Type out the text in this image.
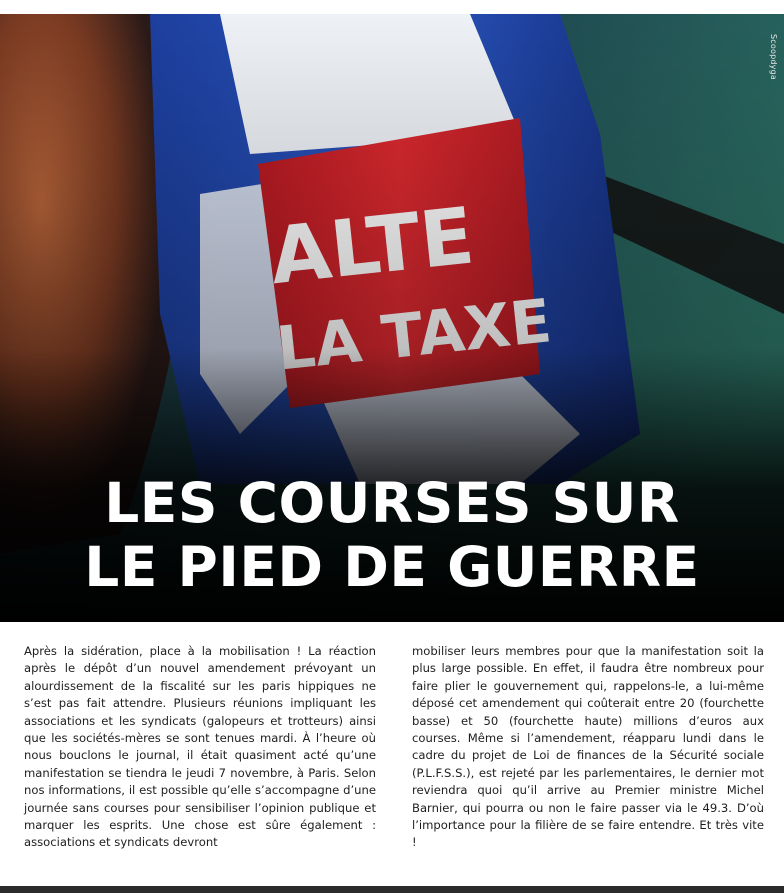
Scoopdyga
LES COURSES SUR
LE PIED DE GUERRE

Après la sidération, place à la mobilisation ! La réaction après le dépôt d’un nouvel amendement prévoyant un alourdissement de la fiscalité sur les paris hippiques ne s’est pas fait attendre. Plusieurs réunions impliquant les associations et les syndicats (galopeurs et trotteurs) ainsi que les sociétés-mères se sont tenues mardi. À l’heure où nous bouclons le journal, il était quasiment acté qu’une manifestation se tiendra le jeudi 7 novembre, à Paris. Selon nos informations, il est possible qu’elle s’accompagne d’une journée sans courses pour sensibiliser l’opinion publique et marquer les esprits. Une chose est sûre également : associations et syndicats devront

mobiliser leurs membres pour que la manifestation soit la plus large possible. En effet, il faudra être nombreux pour faire plier le gouvernement qui, rappelons-le, a lui-même déposé cet amendement qui coûterait entre 20 (fourchette basse) et 50 (fourchette haute) millions d’euros aux courses. Même si l’amendement, réapparu lundi dans le cadre du projet de Loi de finances de la Sécurité sociale (P.L.F.S.S.), est rejeté par les parlementaires, le dernier mot reviendra quoi qu’il arrive au Premier ministre Michel Barnier, qui pourra ou non le faire passer via le 49.3. D’où l’importance pour la filière de se faire entendre. Et très vite !
